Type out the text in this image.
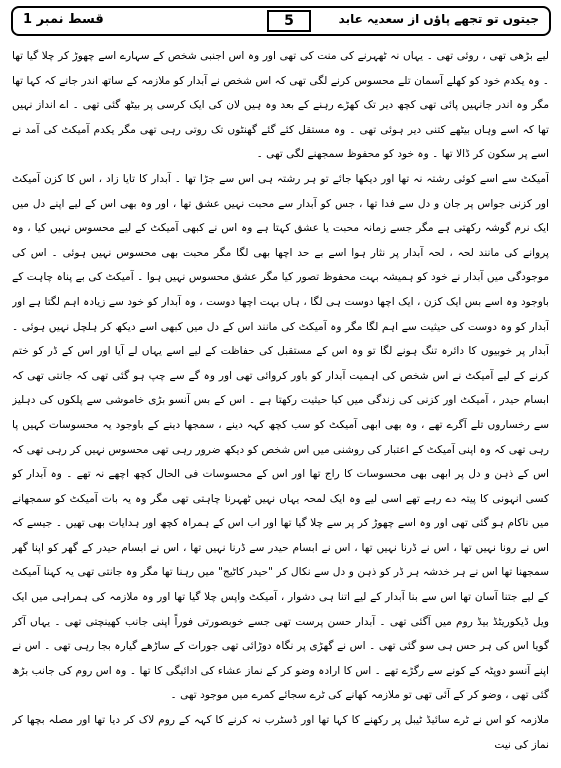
قسط نمبر 1	5	جیتوں تو تجھے پاؤں از سعدیہ عابد

لیے بڑھی تھی ، روئی تھی ۔ یہاں نہ ٹھہرنے کی منت کی تھی اور وہ اس اجنبی شخص کے سہارے اسے چھوڑ کر چلا گیا تھا ۔ وہ یکدم خود کو کھلے آسمان تلے محسوس کرنے لگی تھی کہ اس شخص نے آبدار کو ملازمہ کے ساتھ اندر جانے کہ کہا تھا مگر وہ اندر جانہیں پائی تھی کچھ دیر تک کھڑے رہنے کے بعد وہ ہیں لان کی ایک کرسی پر بیٹھ گئی تھی ۔ اے انداز نہیں تھا کہ اسے وہاں بیٹھے کتنی دیر ہوئی تھی ۔ وہ مستقل کئے گئے گھنٹوں تک روتی رہی تھی مگر یکدم آمیکٹ کی آمد نے اسے پر سکون کر ڈالا تھا ۔ وہ خود کو محفوظ سمجھنے لگی تھی ۔

آمیکٹ سے اسے کوئی رشتہ نہ تھا اور دیکھا جائے تو ہر رشتہ ہی اس سے جڑا تھا ۔ آبدار کا تایا زاد ، اس کا کزن آمیکٹ اور کزنی جواس پر جان و دل سے فدا تھا ، جس کو آبدار سے محبت نہیں عشق تھا ، اور وہ بھی اس کے لیے اپنے دل میں ایک نرم گوشہ رکھتی ہے مگر جسے زمانہ محبت یا عشق کہتا ہے وہ اس نے کبھی آمیکٹ کے لیے محسوس نہیں کیا ، وہ پروانے کی مانند لحہ ، لحہ آبدار پر نثار ہوا اسے بے حد اچھا بھی لگا مگر محبت بھی محسوس نہیں ہوئی ۔ اس کی موجودگی میں آبدار نے خود کو ہمیشہ بہت محفوظ تصور کیا مگر عشق محسوس نہیں ہوا ۔ آمیکٹ کی بے پناہ چاہت کے باوجود وہ اسے بس ایک کزن ، ایک اچھا دوست ہی لگا ، ہاں بہت اچھا دوست ، وہ آبدار کو خود سے زیادہ اہم لگتا ہے اور آبدار کو وہ دوست کی حیثیت سے اہم لگا مگر وہ آمیکٹ کی مانند اس کے دل میں کبھی اسے دیکھ کر ہلچل نہیں ہوئی ۔ آبدار پر خوبیوں کا دائرہ تنگ ہونے لگا تو وہ اس کے مستقبل کی حفاظت کے لیے اسے یہاں لے آیا اور اس کے ڈر کو ختم کرنے کے لیے آمیکٹ نے اس شخص کی اہمیت آبدار کو باور کروائی تھی اور وہ گے سے چپ ہو گئی تھی کہ جانتی تھی کہ ابسام حیدر ، آمیکٹ اور کزنی کی زندگی میں کیا حیثیت رکھتا ہے ۔ اس کے بس آنسو بڑی خاموشی سے پلکوں کی دہلیز سے رخساروں تلے آگرے تھے ، وہ بھی ابھی آمیکٹ کو سب کچھ کہہ دینے ، سمجھا دینے کے باوجود یہ محسوسات کہیں پا رہی تھی کہ وہ اپنی آمیکٹ کے اعتبار کی روشنی میں اس شخص کو دیکھ ضرور رہی تھی محسوس نہیں کر رہی تھی کہ اس کے ذہن و دل پر ابھی بھی محسوسات کا راج تھا اور اس کے محسوسات فی الحال کچھ اچھے نہ تھے ۔ وہ آبدار کو کسی انہونی کا پیتہ دے رہے تھے اسی لیے وہ ایک لمحہ یہاں نہیں ٹھہرنا چاہتی تھی مگر وہ یہ بات آمیکٹ کو سمجھانے میں ناکام ہو گئی تھی اور وہ اسے چھوڑ کر پر سے چلا گیا تھا اور اب اس کے ہمراہ کچھ اور ہدایات بھی تھیں ۔ جیسے کہ اس نے رونا نہیں تھا ، اس نے ڈرنا نہیں تھا ، اس نے ابسام حیدر سے ڈرنا نہیں تھا ، اس نے ابسام حیدر کے گھر کو اپنا گھر سمجھنا تھا اس نے ہر خدشہ ہر ڈر کو ذہن و دل سے نکال کر "حیدر کاٹیج" میں رہنا تھا مگر وہ جانتی تھی یہ کہنا آمیکٹ کے لیے جتنا آسان تھا اس سے بنا آبدار کے لیے اتنا ہی دشوار ، آمیکٹ واپس چلا گیا تھا اور وہ ملازمہ کی ہمراہی میں ایک ویل ڈیکوریٹڈ بیڈ روم میں آگئی تھی ۔ آبدار حسن پرست تھی جسے خوبصورتی فوراً اپنی جانب کھینچتی تھی ۔ یہاں آکر گویا اس کی ہر حس ہی سو گئی تھی ۔ اس نے گھڑی پر نگاہ دوڑائی تھی جورات کے ساڑھے گیارہ بجا رہی تھی ۔ اس نے اپنے آنسو دوپٹہ کے کونے سے رگڑے تھے ۔ اس کا ارادہ وضو کر کے نماز عشاء کی ادائیگی کا تھا ۔ وہ اس روم کی جانب بڑھ گئی تھی ، وضو کر کے آئی تھی تو ملازمہ کھانے کی ٹرے سجائے کمرے میں موجود تھی ۔

ملازمہ کو اس نے ٹرے سائیڈ ٹیبل پر رکھنے کا کہا تھا اور ڈسٹرب نہ کرنے کا کہہ کے روم لاک کر دیا تھا اور مصلہ بچھا کر نماز کی نیت
